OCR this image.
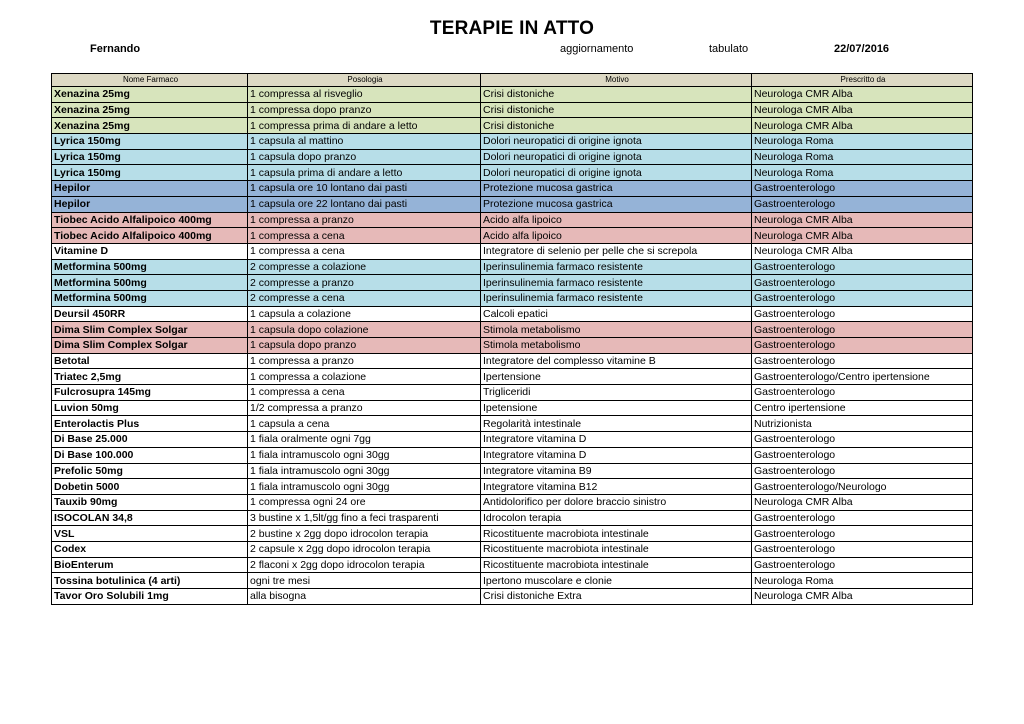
TERAPIE IN ATTO
Fernando	aggiornamento	tabulato	22/07/2016
Nome Farmaco	Posologia	Motivo	Prescritto da
Xenazina 25mg	1 compressa al risveglio	Crisi distoniche	Neurologa CMR Alba
Xenazina 25mg	1 compressa dopo pranzo	Crisi distoniche	Neurologa CMR Alba
Xenazina 25mg	1 compressa prima di andare a letto	Crisi distoniche	Neurologa CMR Alba
Lyrica 150mg	1 capsula al mattino	Dolori neuropatici di origine ignota	Neurologa Roma
Lyrica 150mg	1 capsula dopo pranzo	Dolori neuropatici di origine ignota	Neurologa Roma
Lyrica 150mg	1 capsula prima di andare a letto	Dolori neuropatici di origine ignota	Neurologa Roma
Hepilor	1 capsula ore 10 lontano dai pasti	Protezione mucosa gastrica	Gastroenterologo
Hepilor	1 capsula ore 22 lontano dai pasti	Protezione mucosa gastrica	Gastroenterologo
Tiobec Acido Alfalipoico 400mg	1 compressa a pranzo	Acido alfa lipoico	Neurologa CMR Alba
Tiobec Acido Alfalipoico 400mg	1 compressa a cena	Acido alfa lipoico	Neurologa CMR Alba
Vitamine D	1 compressa a cena	Integratore di selenio per pelle che si screpola	Neurologa CMR Alba
Metformina 500mg	2 compresse a colazione	Iperinsulinemia farmaco resistente	Gastroenterologo
Metformina 500mg	2 compresse a pranzo	Iperinsulinemia farmaco resistente	Gastroenterologo
Metformina 500mg	2 compresse a cena	Iperinsulinemia farmaco resistente	Gastroenterologo
Deursil 450RR	1 capsula a colazione	Calcoli epatici	Gastroenterologo
Dima Slim Complex Solgar	1 capsula dopo colazione	Stimola metabolismo	Gastroenterologo
Dima Slim Complex Solgar	1 capsula dopo pranzo	Stimola metabolismo	Gastroenterologo
Betotal	1 compressa a pranzo	Integratore del complesso vitamine B	Gastroenterologo
Triatec 2,5mg	1 compressa a colazione	Ipertensione	Gastroenterologo/Centro ipertensione
Fulcrosupra 145mg	1 compressa a cena	Trigliceridi	Gastroenterologo
Luvion 50mg	1/2 compressa a pranzo	Ipetensione	Centro ipertensione
Enterolactis Plus	1 capsula a cena	Regolarità intestinale	Nutrizionista
Di Base 25.000	1 fiala oralmente ogni 7gg	Integratore vitamina D	Gastroenterologo
Di Base 100.000	1 fiala intramuscolo ogni 30gg	Integratore vitamina D	Gastroenterologo
Prefolic 50mg	1 fiala intramuscolo ogni 30gg	Integratore vitamina B9	Gastroenterologo
Dobetin 5000	1 fiala intramuscolo ogni 30gg	Integratore vitamina B12	Gastroenterologo/Neurologo
Tauxib 90mg	1 compressa ogni 24 ore	Antidolorifico per dolore braccio sinistro	Neurologa CMR Alba
ISOCOLAN 34,8	3 bustine x 1,5lt/gg fino a feci trasparenti	Idrocolon terapia	Gastroenterologo
VSL	2 bustine x 2gg dopo idrocolon terapia	Ricostituente macrobiota intestinale	Gastroenterologo
Codex	2 capsule x 2gg dopo idrocolon terapia	Ricostituente macrobiota intestinale	Gastroenterologo
BioEnterum	2 flaconi x 2gg dopo idrocolon terapia	Ricostituente macrobiota intestinale	Gastroenterologo
Tossina botulinica (4 arti)	ogni tre mesi	Ipertono muscolare e clonie	Neurologa Roma
Tavor Oro Solubili 1mg	alla bisogna	Crisi distoniche Extra	Neurologa CMR Alba
